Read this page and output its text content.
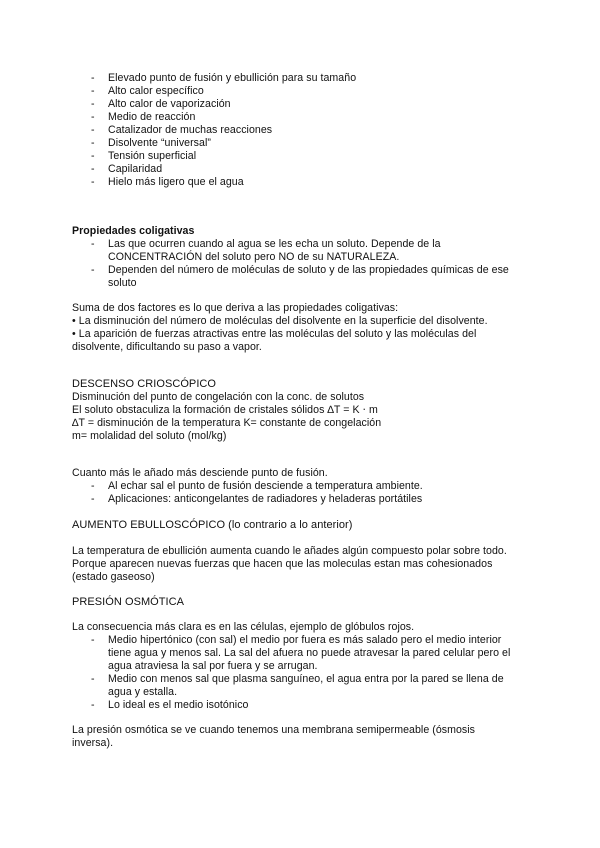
- Elevado punto de fusión y ebullición para su tamaño
- Alto calor específico
- Alto calor de vaporización
- Medio de reacción
- Catalizador de muchas reacciones
- Disolvente “universal”
- Tensión superficial
- Capilaridad
- Hielo más ligero que el agua
Propiedades coligativas
- Las que ocurren cuando al agua se les echa un soluto. Depende de la
CONCENTRACIÓN del soluto pero NO de su NATURALEZA.
- Dependen del número de moléculas de soluto y de las propiedades químicas de ese
soluto
Suma de dos factores es lo que deriva a las propiedades coligativas:
• La disminución del número de moléculas del disolvente en la superficie del disolvente.
• La aparición de fuerzas atractivas entre las moléculas del soluto y las moléculas del
disolvente, dificultando su paso a vapor.
DESCENSO CRIOSCÓPICO
Disminución del punto de congelación con la conc. de solutos
El soluto obstaculiza la formación de cristales sólidos ∆T = K ⋅ m
∆T = disminución de la temperatura K= constante de congelación
m= molalidad del soluto (mol/kg)
Cuanto más le añado más desciende punto de fusión.
- Al echar sal el punto de fusión desciende a temperatura ambiente.
- Aplicaciones: anticongelantes de radiadores y heladeras portátiles
AUMENTO EBULLOSCÓPICO (lo contrario a lo anterior)
La temperatura de ebullición aumenta cuando le añades algún compuesto polar sobre todo.
Porque aparecen nuevas fuerzas que hacen que las moleculas estan mas cohesionados
(estado gaseoso)
PRESIÓN OSMÓTICA
La consecuencia más clara es en las células, ejemplo de glóbulos rojos.
- Medio hipertónico (con sal) el medio por fuera es más salado pero el medio interior
tiene agua y menos sal. La sal del afuera no puede atravesar la pared celular pero el
agua atraviesa la sal por fuera y se arrugan.
- Medio con menos sal que plasma sanguíneo, el agua entra por la pared se llena de
agua y estalla.
- Lo ideal es el medio isotónico
La presión osmótica se ve cuando tenemos una membrana semipermeable (ósmosis
inversa).
